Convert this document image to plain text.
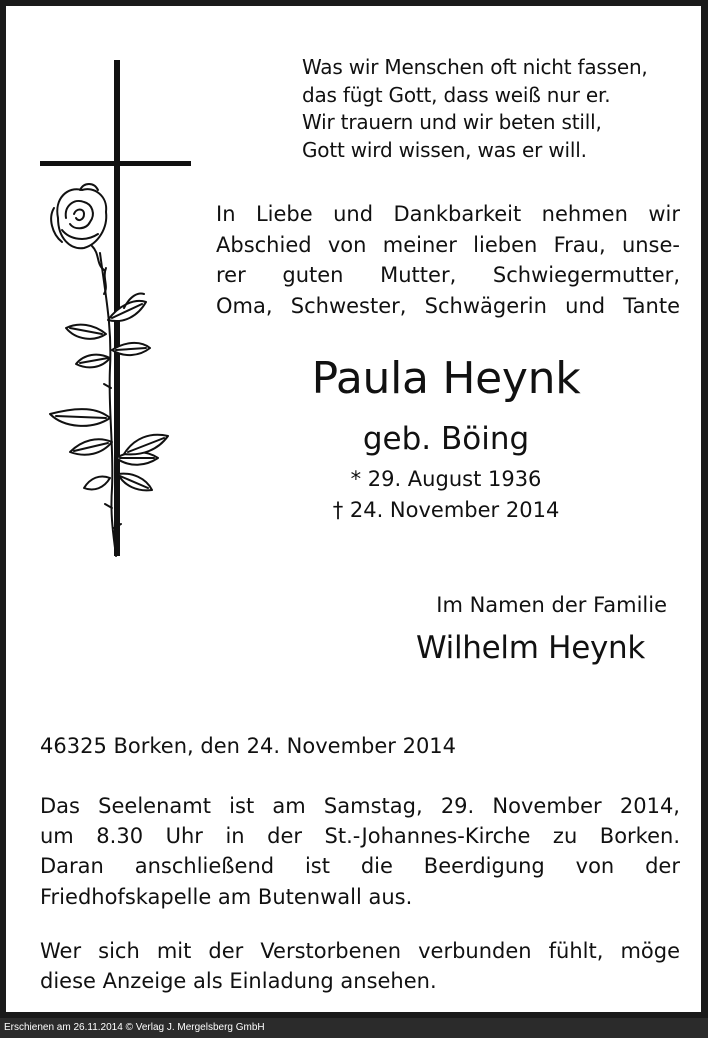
Was wir Menschen oft nicht fassen,
das fügt Gott, dass weiß nur er.
Wir trauern und wir beten still,
Gott wird wissen, was er will.
In Liebe und Dankbarkeit nehmen wir
Abschied von meiner lieben Frau, unse-
rer guten Mutter, Schwiegermutter,
Oma, Schwester, Schwägerin und Tante
Paula Heynk
geb. Böing
* 29. August 1936
† 24. November 2014
Im Namen der Familie
Wilhelm Heynk
46325 Borken, den 24. November 2014
Das Seelenamt ist am Samstag, 29. November 2014,
um 8.30 Uhr in der St.-Johannes-Kirche zu Borken.
Daran anschließend ist die Beerdigung von der
Friedhofskapelle am Butenwall aus.
Wer sich mit der Verstorbenen verbunden fühlt, möge
diese Anzeige als Einladung ansehen.
Erschienen am 26.11.2014 © Verlag J. Mergelsberg GmbH
